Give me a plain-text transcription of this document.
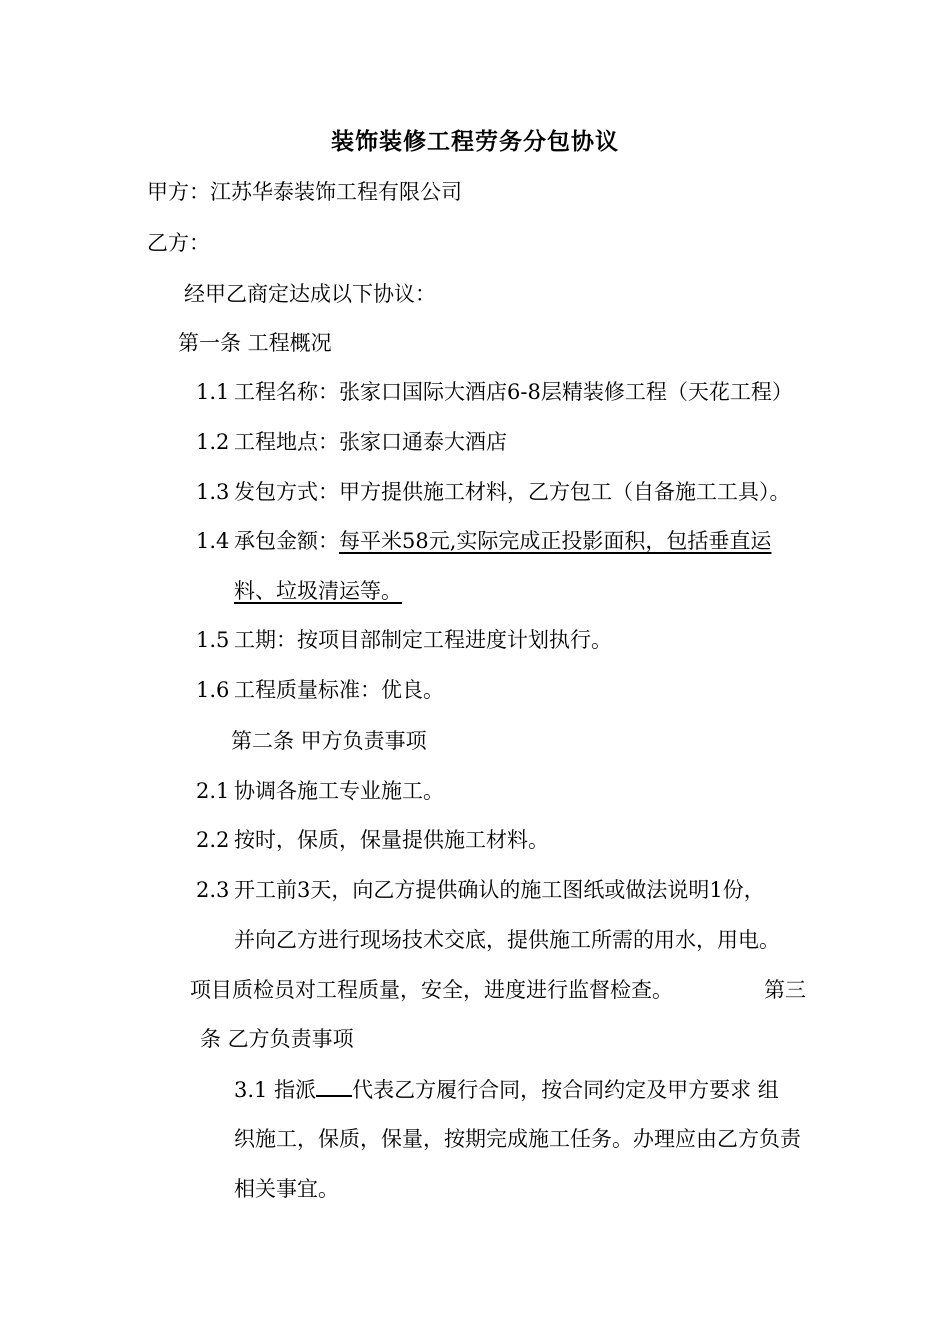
装饰装修工程劳务分包协议
甲方：江苏华泰装饰工程有限公司
乙方：
经甲乙商定达成以下协议：
第一条 工程概况
1.1 工程名称：张家口国际大酒店6-8层精装修工程（天花工程）
1.2 工程地点：张家口通泰大酒店
1.3 发包方式：甲方提供施工材料，乙方包工（自备施工工具）。
1.4 承包金额：每平米58元,实际完成正投影面积，包括垂直运
料、垃圾清运等。
1.5 工期：按项目部制定工程进度计划执行。
1.6 工程质量标准：优良。
第二条 甲方负责事项
2.1 协调各施工专业施工。
2.2 按时，保质，保量提供施工材料。
2.3 开工前3天，向乙方提供确认的施工图纸或做法说明1份，
并向乙方进行现场技术交底，提供施工所需的用水，用电。
项目质检员对工程质量，安全，进度进行监督检查。	第三
条 乙方负责事项
3.1 指派 代表乙方履行合同，按合同约定及甲方要求 组
织施工，保质，保量，按期完成施工任务。办理应由乙方负责
相关事宜。
